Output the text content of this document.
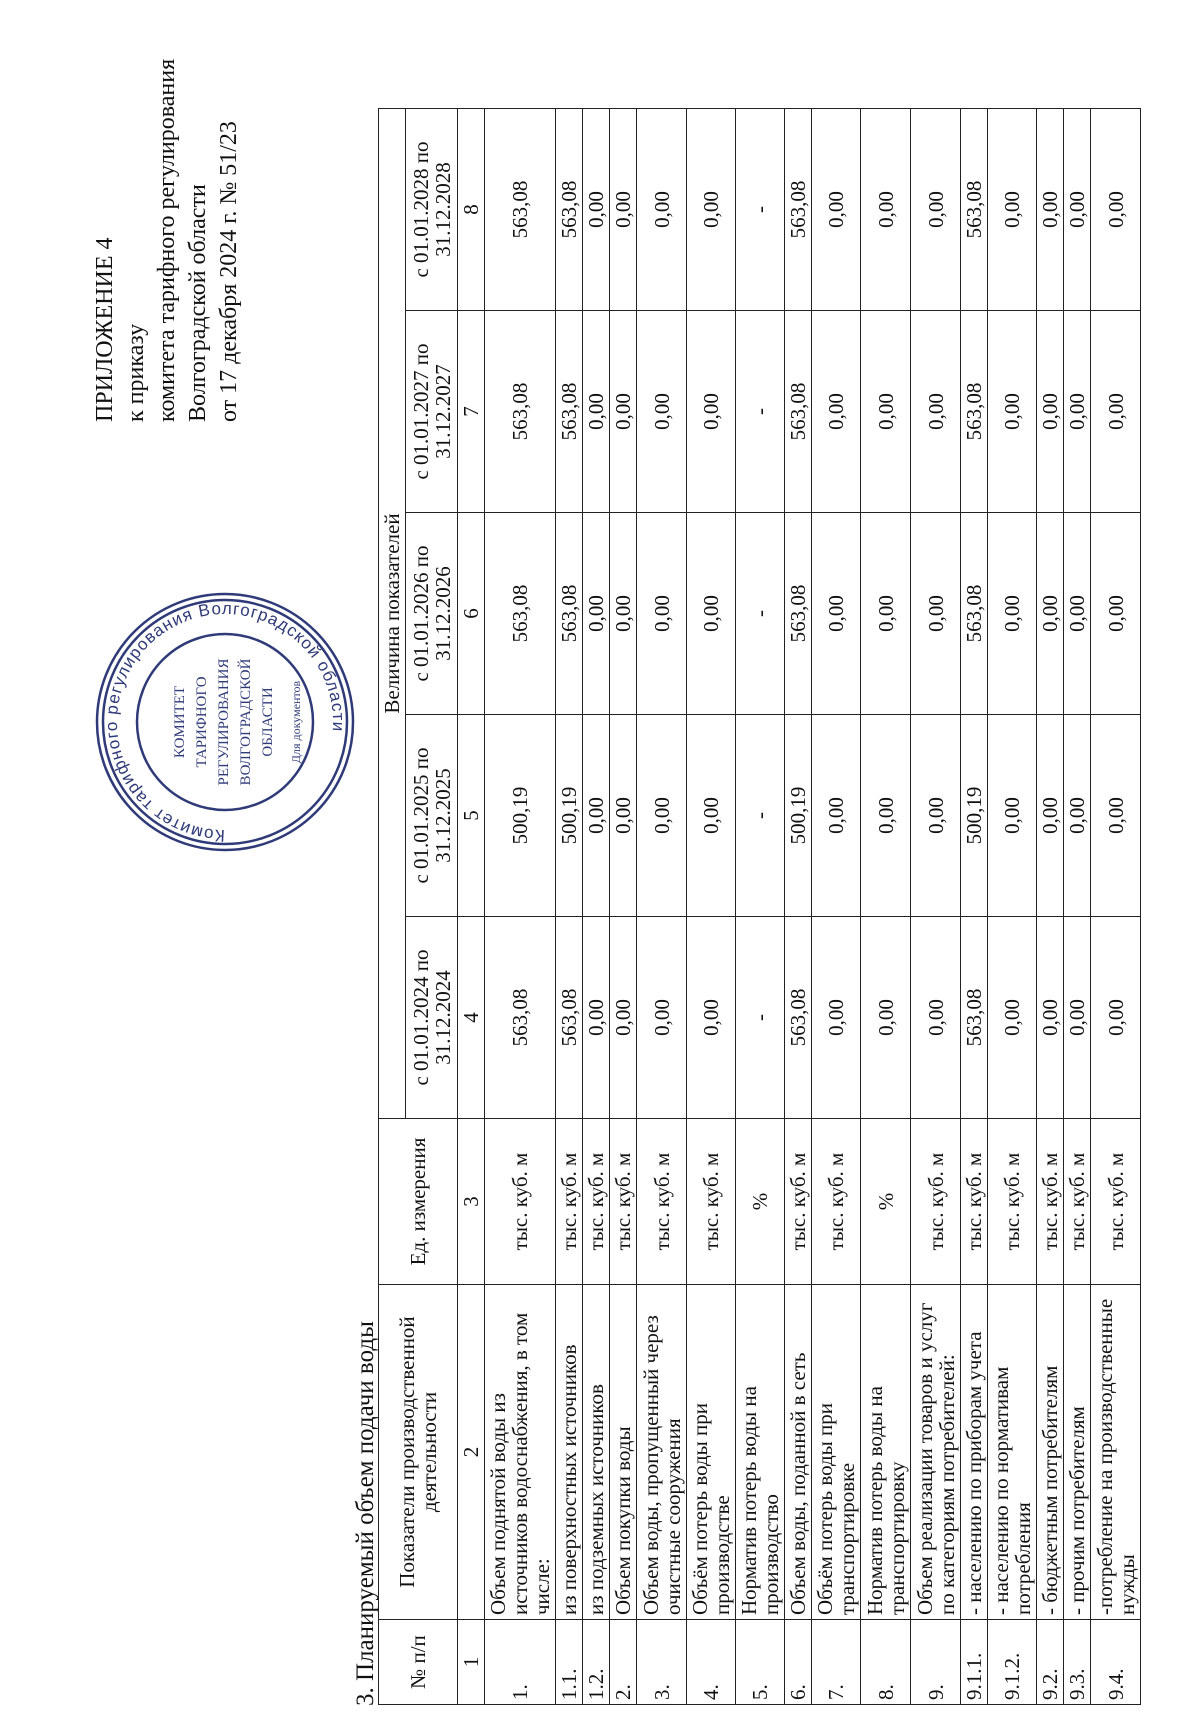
ПРИЛОЖЕНИЕ 4 к приказу комитета тарифного регулирования Волгоградской области от 17 декабря 2024 г. № 51/23
Комитет тарифного регулирования Волгоградской области
КОМИТЕТ ТАРИФНОГО РЕГУЛИРОВАНИЯ ВОЛГОГРАДСКОЙ ОБЛАСТИ Для документов
3. Планируемый объем подачи воды № п/п	Показатели производственной деятельности	Ед. измерения	Величина показателей				
			с 01.01.2024 по 31.12.2024	с 01.01.2025 по 31.12.2025	с 01.01.2026 по 31.12.2026	с 01.01.2027 по 31.12.2027	с 01.01.2028 по 31.12.2028
1	2	3	4	5	6	7	8
1.	Объем поднятой воды из источников водоснабжения, в том числе:	тыс. куб. м	563,08	500,19	563,08	563,08	563,08
1.1.	из поверхностных источников	тыс. куб. м	563,08	500,19	563,08	563,08	563,08
1.2.	из подземных источников	тыс. куб. м	0,00	0,00	0,00	0,00	0,00
2.	Объем покупки воды	тыс. куб. м	0,00	0,00	0,00	0,00	0,00
3.	Объем воды, пропущенный через очистные сооружения	тыс. куб. м	0,00	0,00	0,00	0,00	0,00
4.	Объём потерь воды при производстве	тыс. куб. м	0,00	0,00	0,00	0,00	0,00
5.	Норматив потерь воды на производство	%	-	-	-	-	-
6.	Объем воды, поданной в сеть	тыс. куб. м	563,08	500,19	563,08	563,08	563,08
7.	Объём потерь воды при транспортировке	тыс. куб. м	0,00	0,00	0,00	0,00	0,00
8.	Норматив потерь воды на транспортировку	%	0,00	0,00	0,00	0,00	0,00
9.	Объем реализации товаров и услуг по категориям потребителей:	тыс. куб. м	0,00	0,00	0,00	0,00	0,00
9.1.1.	- населению по приборам учета	тыс. куб. м	563,08	500,19	563,08	563,08	563,08
9.1.2.	- населению по нормативам потребления	тыс. куб. м	0,00	0,00	0,00	0,00	0,00
9.2.	- бюджетным потребителям	тыс. куб. м	0,00	0,00	0,00	0,00	0,00
9.3.	- прочим потребителям	тыс. куб. м	0,00	0,00	0,00	0,00	0,00
9.4.	-потребление на производственные нужды	тыс. куб. м	0,00	0,00	0,00	0,00	0,00
